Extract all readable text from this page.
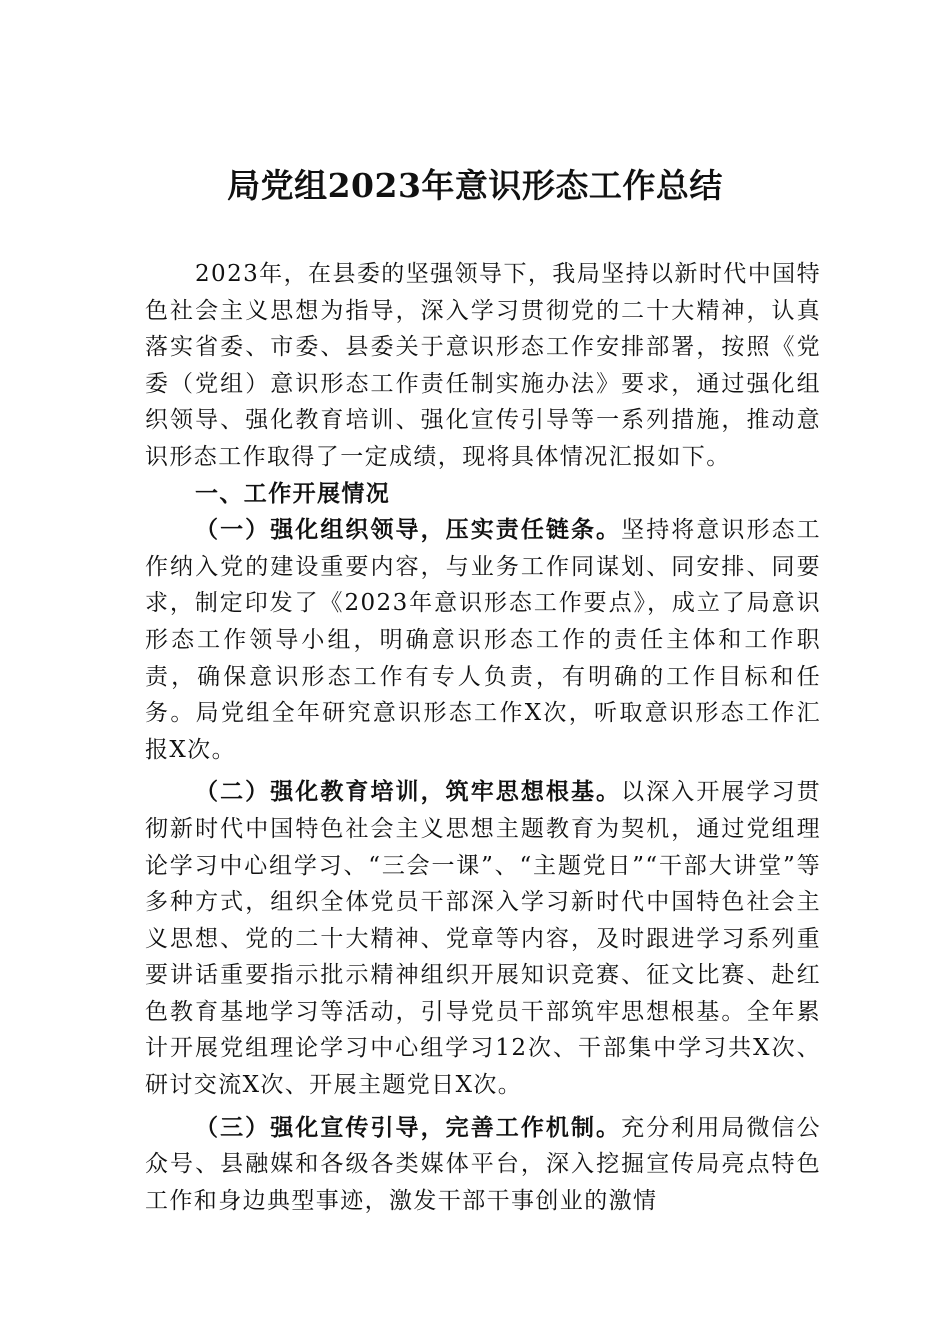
局党组2023年意识形态工作总结

2023年，在县委的坚强领导下，我局坚持以新时代中国特色社会主义思想为指导，深入学习贯彻党的二十大精神，认真落实省委、市委、县委关于意识形态工作安排部署，按照《党委（党组）意识形态工作责任制实施办法》要求，通过强化组织领导、强化教育培训、强化宣传引导等一系列措施，推动意识形态工作取得了一定成绩，现将具体情况汇报如下。

一、工作开展情况

（一）强化组织领导，压实责任链条。坚持将意识形态工作纳入党的建设重要内容，与业务工作同谋划、同安排、同要求，制定印发了《2023年意识形态工作要点》，成立了局意识形态工作领导小组，明确意识形态工作的责任主体和工作职责，确保意识形态工作有专人负责，有明确的工作目标和任务。局党组全年研究意识形态工作X次，听取意识形态工作汇报X次。

（二）强化教育培训，筑牢思想根基。以深入开展学习贯彻新时代中国特色社会主义思想主题教育为契机，通过党组理论学习中心组学习、“三会一课”、“主题党日”“干部大讲堂”等多种方式，组织全体党员干部深入学习新时代中国特色社会主义思想、党的二十大精神、党章等内容，及时跟进学习系列重要讲话重要指示批示精神组织开展知识竞赛、征文比赛、赴红色教育基地学习等活动，引导党员干部筑牢思想根基。全年累计开展党组理论学习中心组学习12次、干部集中学习共X次、研讨交流X次、开展主题党日X次。

（三）强化宣传引导，完善工作机制。充分利用局微信公众号、县融媒和各级各类媒体平台，深入挖掘宣传局亮点特色工作和身边典型事迹，激发干部干事创业的激情
